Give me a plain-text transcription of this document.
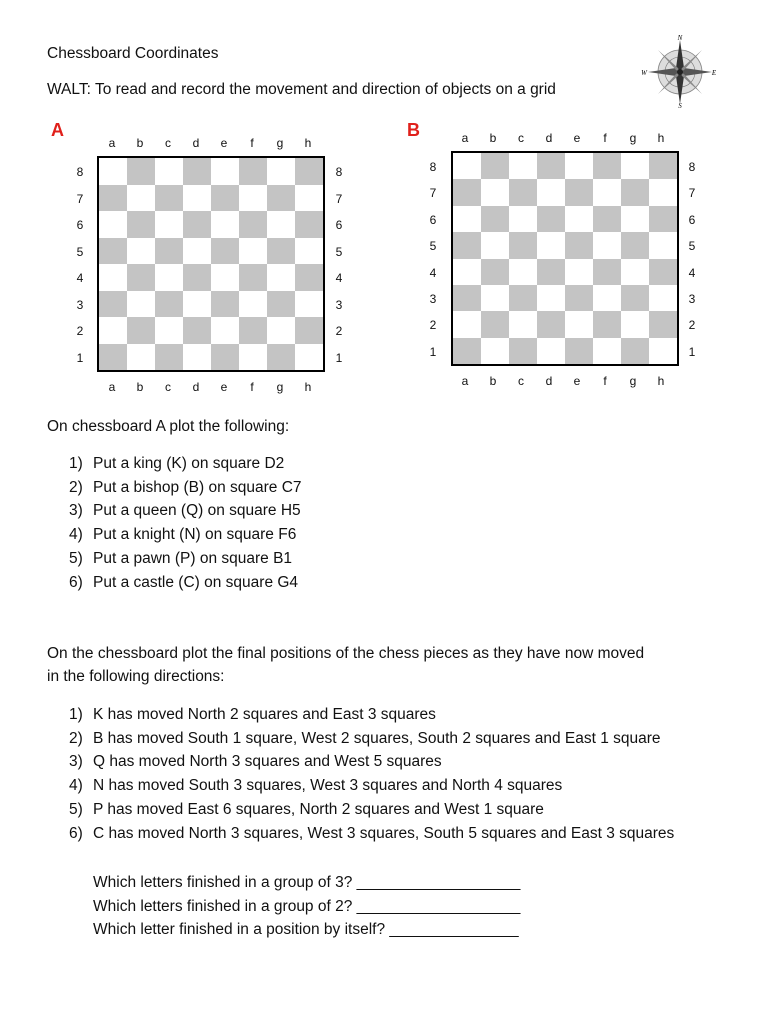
Chessboard Coordinates
WALT: To read and record the movement and direction of objects on a grid
N
S
W	E
A	B
a
a
8	8
b
b
7	7
c
c
6	6
d
d
5	5
e
e
4	4
f
f
3	3
g
g
2	2
h
h
1	1
a
a
8	8
b
b
7	7
c
c
6	6
d
d
5	5
e
e
4	4
f
f
3	3
g
g
2	2
h
h
1	1
On chessboard A plot the following:
1) Put a king (K) on square D2
2) Put a bishop (B) on square C7
3) Put a queen (Q) on square H5
4) Put a knight (N) on square F6
5) Put a pawn (P) on square B1
6) Put a castle (C) on square G4
On the chessboard plot the final positions of the chess pieces as they have now moved
in the following directions:
1) K has moved North 2 squares and East 3 squares
2) B has moved South 1 square, West 2 squares, South 2 squares and East 1 square
3) Q has moved North 3 squares and West 5 squares
4) N has moved South 3 squares, West 3 squares and North 4 squares
5) P has moved East 6 squares, North 2 squares and West 1 square
6) C has moved North 3 squares, West 3 squares, South 5 squares and East 3 squares
Which letters finished in a group of 3? ___________________
Which letters finished in a group of 2? ___________________
Which letter finished in a position by itself? _______________
